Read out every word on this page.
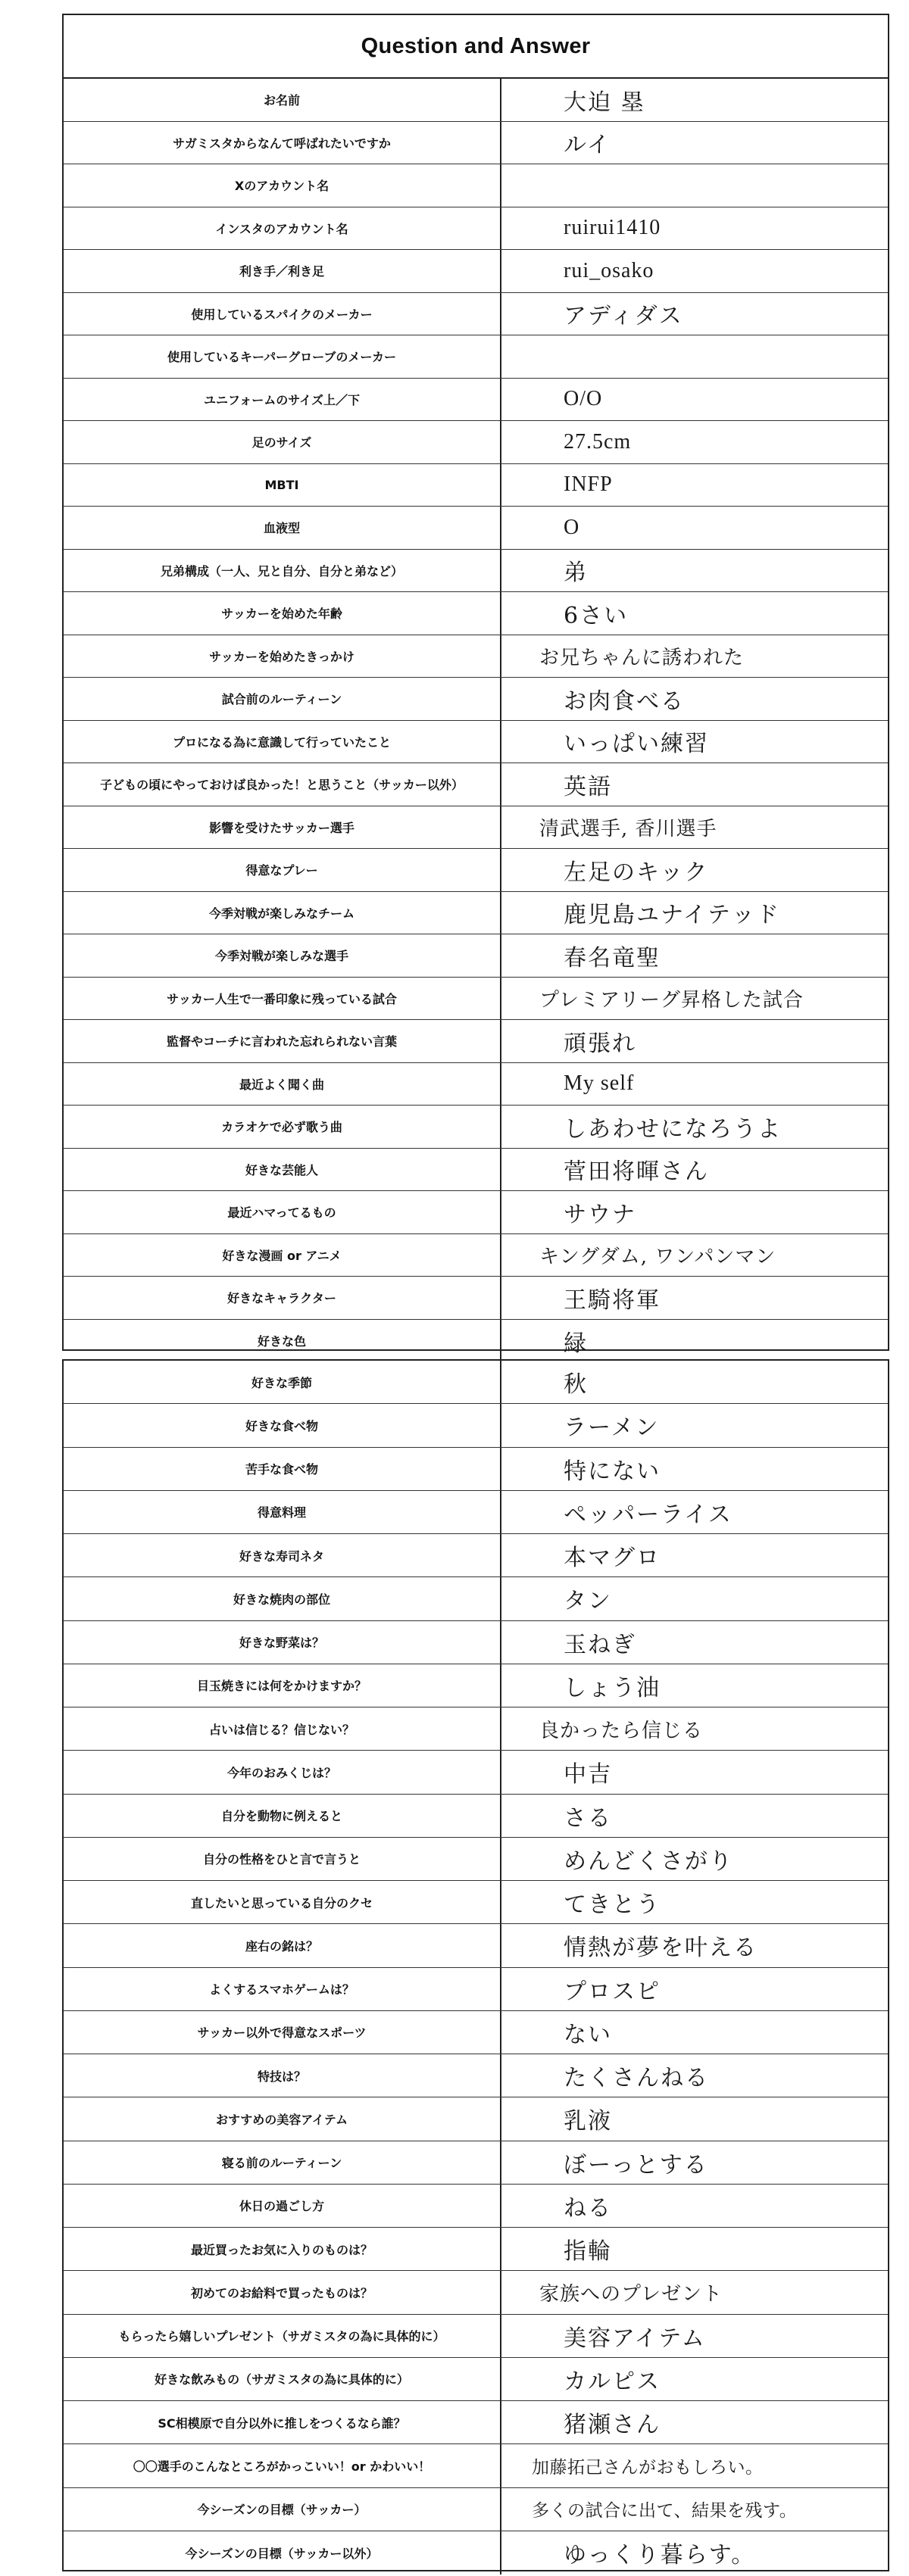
Question and Answer
お名前	大迫 塁
サガミスタからなんて呼ばれたいですか	ルイ
Xのアカウント名
インスタのアカウント名	ruirui1410
利き手／利き足	rui_osako
使用しているスパイクのメーカー	アディダス
使用しているキーパーグローブのメーカー
ユニフォームのサイズ上／下	O/O
足のサイズ	27.5cm
MBTI	INFP
血液型	O
兄弟構成（一人、兄と自分、自分と弟など）	弟
サッカーを始めた年齢	6さい
サッカーを始めたきっかけ	お兄ちゃんに誘われた
試合前のルーティーン	お肉食べる
プロになる為に意識して行っていたこと	いっぱい練習
子どもの頃にやっておけば良かった！と思うこと（サッカー以外）	英語
影響を受けたサッカー選手	清武選手, 香川選手
得意なプレー	左足のキック
今季対戦が楽しみなチーム	鹿児島ユナイテッド
今季対戦が楽しみな選手	春名竜聖
サッカー人生で一番印象に残っている試合	プレミアリーグ昇格した試合
監督やコーチに言われた忘れられない言葉	頑張れ
最近よく聞く曲	My self
カラオケで必ず歌う曲	しあわせになろうよ
好きな芸能人	菅田将暉さん
最近ハマってるもの	サウナ
好きな漫画 or アニメ	キングダム, ワンパンマン
好きなキャラクター	王騎将軍
好きな色	緑
好きな季節	秋
好きな食べ物	ラーメン
苦手な食べ物	特にない
得意料理	ペッパーライス
好きな寿司ネタ	本マグロ
好きな焼肉の部位	タン
好きな野菜は？	玉ねぎ
目玉焼きには何をかけますか？	しょう油
占いは信じる？信じない？	良かったら信じる
今年のおみくじは？	中吉
自分を動物に例えると	さる
自分の性格をひと言で言うと	めんどくさがり
直したいと思っている自分のクセ	てきとう
座右の銘は？	情熱が夢を叶える
よくするスマホゲームは？	プロスピ
サッカー以外で得意なスポーツ	ない
特技は？	たくさんねる
おすすめの美容アイテム	乳液
寝る前のルーティーン	ぼーっとする
休日の過ごし方	ねる
最近買ったお気に入りのものは？	指輪
初めてのお給料で買ったものは？	家族へのプレゼント
もらったら嬉しいプレゼント（サガミスタの為に具体的に）	美容アイテム
好きな飲みもの（サガミスタの為に具体的に）	カルピス
SC相模原で自分以外に推しをつくるなら誰？	猪瀬さん
〇〇選手のこんなところがかっこいい！or かわいい！	加藤拓己さんがおもしろい。
今シーズンの目標（サッカー）	多くの試合に出て、結果を残す。
今シーズンの目標（サッカー以外）	ゆっくり暮らす。
